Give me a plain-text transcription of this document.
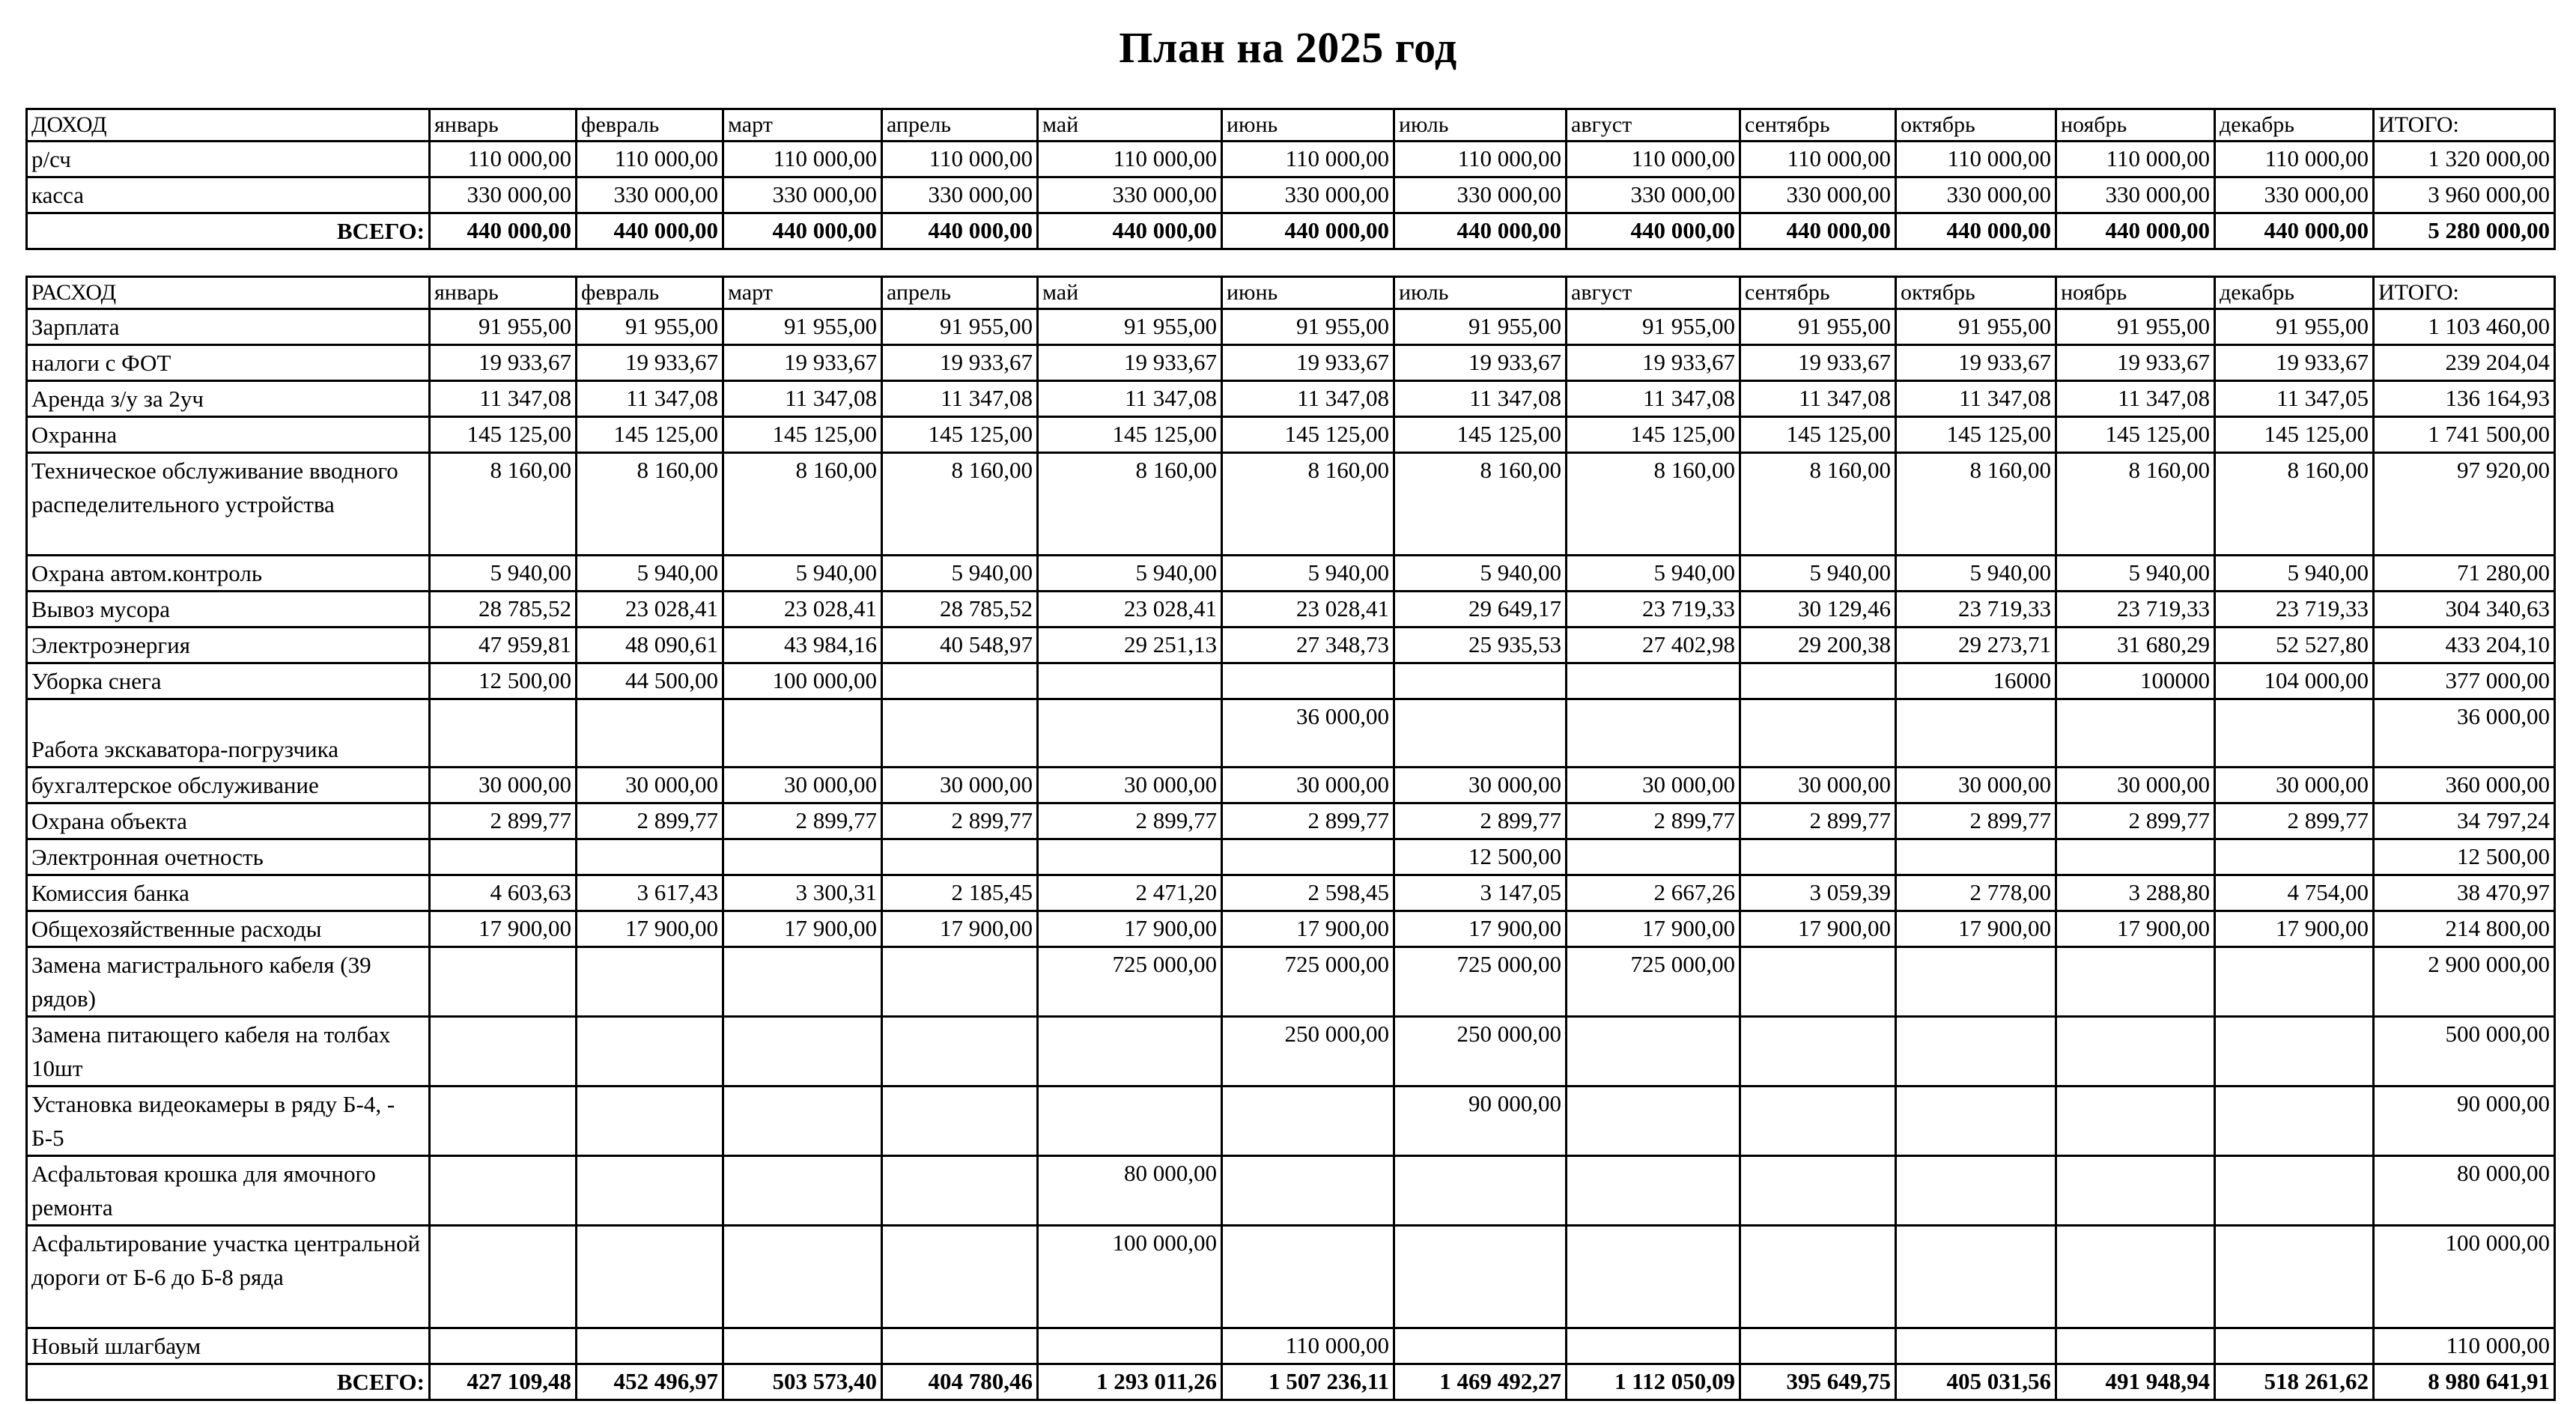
План на 2025 год
ДОХОД	январь	февраль	март	апрель	май	июнь	июль	август	сентябрь	октябрь	ноябрь	декабрь	ИТОГО:
р/сч	110 000,00	110 000,00	110 000,00	110 000,00	110 000,00	110 000,00	110 000,00	110 000,00	110 000,00	110 000,00	110 000,00	110 000,00	1 320 000,00
касса	330 000,00	330 000,00	330 000,00	330 000,00	330 000,00	330 000,00	330 000,00	330 000,00	330 000,00	330 000,00	330 000,00	330 000,00	3 960 000,00
ВСЕГО:	440 000,00	440 000,00	440 000,00	440 000,00	440 000,00	440 000,00	440 000,00	440 000,00	440 000,00	440 000,00	440 000,00	440 000,00	5 280 000,00
РАСХОД	январь	февраль	март	апрель	май	июнь	июль	август	сентябрь	октябрь	ноябрь	декабрь	ИТОГО:
Зарплата	91 955,00	91 955,00	91 955,00	91 955,00	91 955,00	91 955,00	91 955,00	91 955,00	91 955,00	91 955,00	91 955,00	91 955,00	1 103 460,00
налоги с ФОТ	19 933,67	19 933,67	19 933,67	19 933,67	19 933,67	19 933,67	19 933,67	19 933,67	19 933,67	19 933,67	19 933,67	19 933,67	239 204,04
Аренда з/у за 2уч	11 347,08	11 347,08	11 347,08	11 347,08	11 347,08	11 347,08	11 347,08	11 347,08	11 347,08	11 347,08	11 347,08	11 347,05	136 164,93
Охранна	145 125,00	145 125,00	145 125,00	145 125,00	145 125,00	145 125,00	145 125,00	145 125,00	145 125,00	145 125,00	145 125,00	145 125,00	1 741 500,00
Техническое обслуживание вводного распеделительного устройства	8 160,00	8 160,00	8 160,00	8 160,00	8 160,00	8 160,00	8 160,00	8 160,00	8 160,00	8 160,00	8 160,00	8 160,00	97 920,00
Охрана автом.контроль	5 940,00	5 940,00	5 940,00	5 940,00	5 940,00	5 940,00	5 940,00	5 940,00	5 940,00	5 940,00	5 940,00	5 940,00	71 280,00
Вывоз мусора	28 785,52	23 028,41	23 028,41	28 785,52	23 028,41	23 028,41	29 649,17	23 719,33	30 129,46	23 719,33	23 719,33	23 719,33	304 340,63
Электроэнергия	47 959,81	48 090,61	43 984,16	40 548,97	29 251,13	27 348,73	25 935,53	27 402,98	29 200,38	29 273,71	31 680,29	52 527,80	433 204,10
Уборка снега	12 500,00	44 500,00	100 000,00							16000	100000	104 000,00	377 000,00
Работа экскаватора-погрузчика						36 000,00							36 000,00
бухгалтерское обслуживание	30 000,00	30 000,00	30 000,00	30 000,00	30 000,00	30 000,00	30 000,00	30 000,00	30 000,00	30 000,00	30 000,00	30 000,00	360 000,00
Охрана объекта	2 899,77	2 899,77	2 899,77	2 899,77	2 899,77	2 899,77	2 899,77	2 899,77	2 899,77	2 899,77	2 899,77	2 899,77	34 797,24
Электронная очетность							12 500,00						12 500,00
Комиссия банка	4 603,63	3 617,43	3 300,31	2 185,45	2 471,20	2 598,45	3 147,05	2 667,26	3 059,39	2 778,00	3 288,80	4 754,00	38 470,97
Общехозяйственные расходы	17 900,00	17 900,00	17 900,00	17 900,00	17 900,00	17 900,00	17 900,00	17 900,00	17 900,00	17 900,00	17 900,00	17 900,00	214 800,00
Замена магистрального кабеля (39 рядов)					725 000,00	725 000,00	725 000,00	725 000,00					2 900 000,00
Замена питающего кабеля на толбах 10шт						250 000,00	250 000,00						500 000,00
Установка видеокамеры в ряду Б-4, - Б-5							90 000,00						90 000,00
Асфальтовая крошка для ямочного ремонта					80 000,00								80 000,00
Асфальтирование участка центральной дороги от Б-6 до Б-8 ряда					100 000,00								100 000,00
Новый шлагбаум						110 000,00							110 000,00
ВСЕГО:	427 109,48	452 496,97	503 573,40	404 780,46	1 293 011,26	1 507 236,11	1 469 492,27	1 112 050,09	395 649,75	405 031,56	491 948,94	518 261,62	8 980 641,91
